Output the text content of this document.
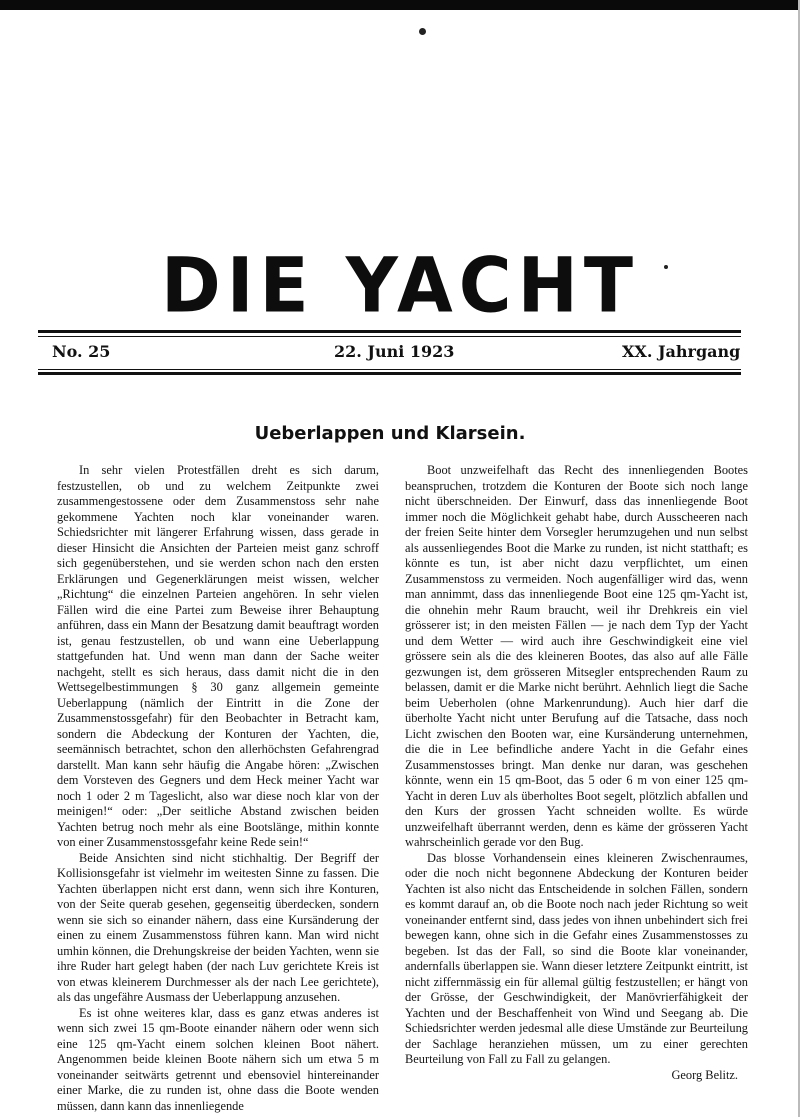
DIE YACHT
No. 25	22. Juni 1923	XX. Jahrgang
Ueberlappen und Klarsein.

In sehr vielen Protestfällen dreht es sich darum, festzustellen, ob und zu welchem Zeitpunkte zwei zusammengestossene oder dem Zusammenstoss sehr nahe gekommene Yachten noch klar voneinander waren. Schiedsrichter mit längerer Erfahrung wissen, dass gerade in dieser Hinsicht die Ansichten der Parteien meist ganz schroff sich gegenüberstehen, und sie werden schon nach den ersten Erklärungen und Gegenerklärungen meist wissen, welcher „Richtung“ die einzelnen Parteien angehören. In sehr vielen Fällen wird die eine Partei zum Beweise ihrer Behauptung anführen, dass ein Mann der Besatzung damit beauftragt worden ist, genau festzustellen, ob und wann eine Ueberlappung stattgefunden hat. Und wenn man dann der Sache weiter nachgeht, stellt es sich heraus, dass damit nicht die in den Wettsegelbestimmungen § 30 ganz allgemein gemeinte Ueberlappung (nämlich der Eintritt in die Zone der Zusammenstossgefahr) für den Beobachter in Betracht kam, sondern die Abdeckung der Konturen der Yachten, die, seemännisch betrachtet, schon den allerhöchsten Gefahrengrad darstellt. Man kann sehr häufig die Angabe hören: „Zwischen dem Vorsteven des Gegners und dem Heck meiner Yacht war noch 1 oder 2 m Tageslicht, also war diese noch klar von der meinigen!“ oder: „Der seitliche Abstand zwischen beiden Yachten betrug noch mehr als eine Bootslänge, mithin konnte von einer Zusammenstossgefahr keine Rede sein!“

Beide Ansichten sind nicht stichhaltig. Der Begriff der Kollisionsgefahr ist vielmehr im weitesten Sinne zu fassen. Die Yachten überlappen nicht erst dann, wenn sich ihre Konturen, von der Seite querab gesehen, gegenseitig überdecken, sondern wenn sie sich so einander nähern, dass eine Kursänderung der einen zu einem Zusammenstoss führen kann. Man wird nicht umhin können, die Drehungskreise der beiden Yachten, wenn sie ihre Ruder hart gelegt haben (der nach Luv gerichtete Kreis ist von etwas kleinerem Durchmesser als der nach Lee gerichtete), als das ungefähre Ausmass der Ueberlappung anzusehen.

Es ist ohne weiteres klar, dass es ganz etwas anderes ist wenn sich zwei 15 qm-Boote einander nähern oder wenn sich eine 125 qm-Yacht einem solchen kleinen Boot nähert. Angenommen beide kleinen Boote nähern sich um etwa 5 m voneinander seitwärts getrennt und ebensoviel hintereinander einer Marke, die zu runden ist, ohne dass die Boote wenden müssen, dann kann das innenliegende

Boot unzweifelhaft das Recht des innenliegenden Bootes beanspruchen, trotzdem die Konturen der Boote sich noch lange nicht überschneiden. Der Einwurf, dass das innenliegende Boot immer noch die Möglichkeit gehabt habe, durch Ausscheeren nach der freien Seite hinter dem Vorsegler herumzugehen und nun selbst als aussenliegendes Boot die Marke zu runden, ist nicht statthaft; es könnte es tun, ist aber nicht dazu verpflichtet, um einen Zusammenstoss zu vermeiden. Noch augenfälliger wird das, wenn man annimmt, dass das innenliegende Boot eine 125 qm-Yacht ist, die ohnehin mehr Raum braucht, weil ihr Drehkreis ein viel grösserer ist; in den meisten Fällen — je nach dem Typ der Yacht und dem Wetter — wird auch ihre Geschwindigkeit eine viel grössere sein als die des kleineren Bootes, das also auf alle Fälle gezwungen ist, dem grösseren Mitsegler entsprechenden Raum zu belassen, damit er die Marke nicht berührt. Aehnlich liegt die Sache beim Ueberholen (ohne Markenrundung). Auch hier darf die überholte Yacht nicht unter Berufung auf die Tatsache, dass noch Licht zwischen den Booten war, eine Kursänderung unternehmen, die die in Lee befindliche andere Yacht in die Gefahr eines Zusammenstosses bringt. Man denke nur daran, was geschehen könnte, wenn ein 15 qm-Boot, das 5 oder 6 m von einer 125 qm-Yacht in deren Luv als überholtes Boot segelt, plötzlich abfallen und den Kurs der grossen Yacht schneiden wollte. Es würde unzweifelhaft überrannt werden, denn es käme der grösseren Yacht wahrscheinlich gerade vor den Bug.

Das blosse Vorhandensein eines kleineren Zwischenraumes, oder die noch nicht begonnene Abdeckung der Konturen beider Yachten ist also nicht das Entscheidende in solchen Fällen, sondern es kommt darauf an, ob die Boote noch nach jeder Richtung so weit voneinander entfernt sind, dass jedes von ihnen unbehindert sich frei bewegen kann, ohne sich in die Gefahr eines Zusammenstosses zu begeben. Ist das der Fall, so sind die Boote klar voneinander, andernfalls überlappen sie. Wann dieser letztere Zeitpunkt eintritt, ist nicht ziffernmässig ein für allemal gültig festzustellen; er hängt von der Grösse, der Geschwindigkeit, der Manövrierfähigkeit der Yachten und der Beschaffenheit von Wind und Seegang ab. Die Schiedsrichter werden jedesmal alle diese Umstände zur Beurteilung der Sachlage heranziehen müssen, um zu einer gerechten Beurteilung von Fall zu Fall zu gelangen.

Georg Belitz.
